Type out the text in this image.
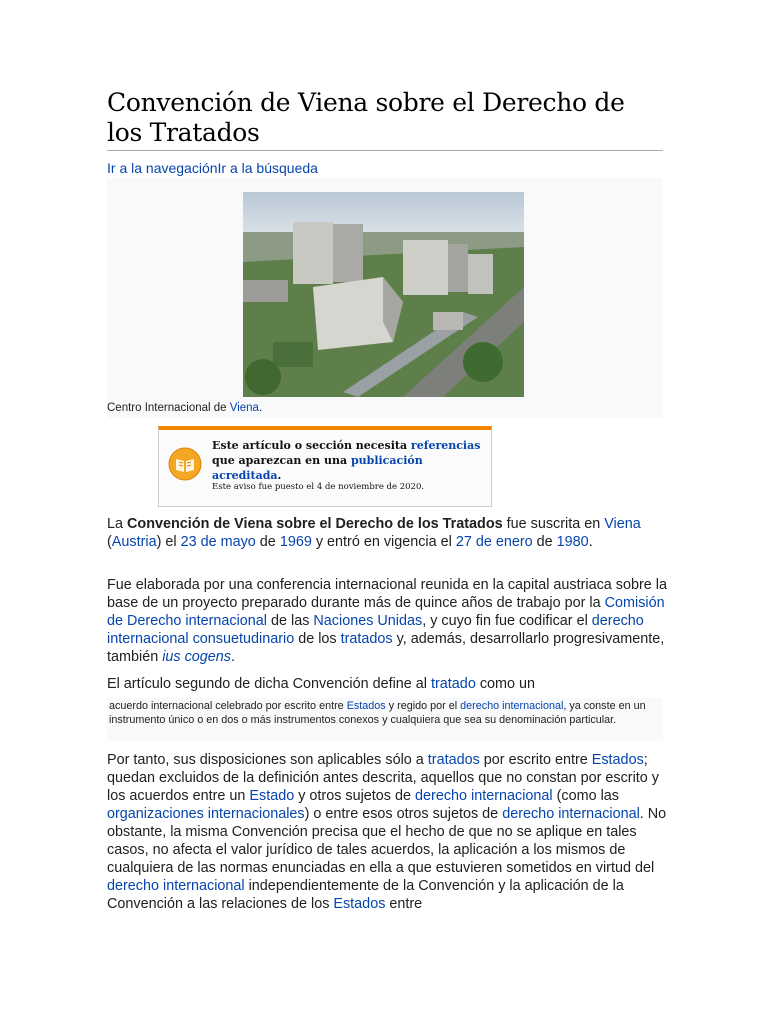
Convención de Viena sobre el Derecho de los Tratados
Ir a la navegaciónIr a la búsqueda
Centro Internacional de Viena.
Este artículo o sección necesita referencias que aparezcan en una publicación acreditada.
Este aviso fue puesto el 4 de noviembre de 2020.

La Convención de Viena sobre el Derecho de los Tratados fue suscrita en Viena (Austria) el 23 de mayo de 1969 y entró en vigencia el 27 de enero de 1980.

Fue elaborada por una conferencia internacional reunida en la capital austriaca sobre la base de un proyecto preparado durante más de quince años de trabajo por la Comisión de Derecho internacional de las Naciones Unidas, y cuyo fin fue codificar el derecho internacional consuetudinario de los tratados y, además, desarrollarlo progresivamente, también ius cogens.

El artículo segundo de dicha Convención define al tratado como un

acuerdo internacional celebrado por escrito entre Estados y regido por el derecho internacional, ya conste en un instrumento único o en dos o más instrumentos conexos y cualquiera que sea su denominación particular.

Por tanto, sus disposiciones son aplicables sólo a tratados por escrito entre Estados; quedan excluidos de la definición antes descrita, aquellos que no constan por escrito y los acuerdos entre un Estado y otros sujetos de derecho internacional (como las organizaciones internacionales) o entre esos otros sujetos de derecho internacional. No obstante, la misma Convención precisa que el hecho de que no se aplique en tales casos, no afecta el valor jurídico de tales acuerdos, la aplicación a los mismos de cualquiera de las normas enunciadas en ella a que estuvieren sometidos en virtud del derecho internacional independientemente de la Convención y la aplicación de la Convención a las relaciones de los Estados entre
